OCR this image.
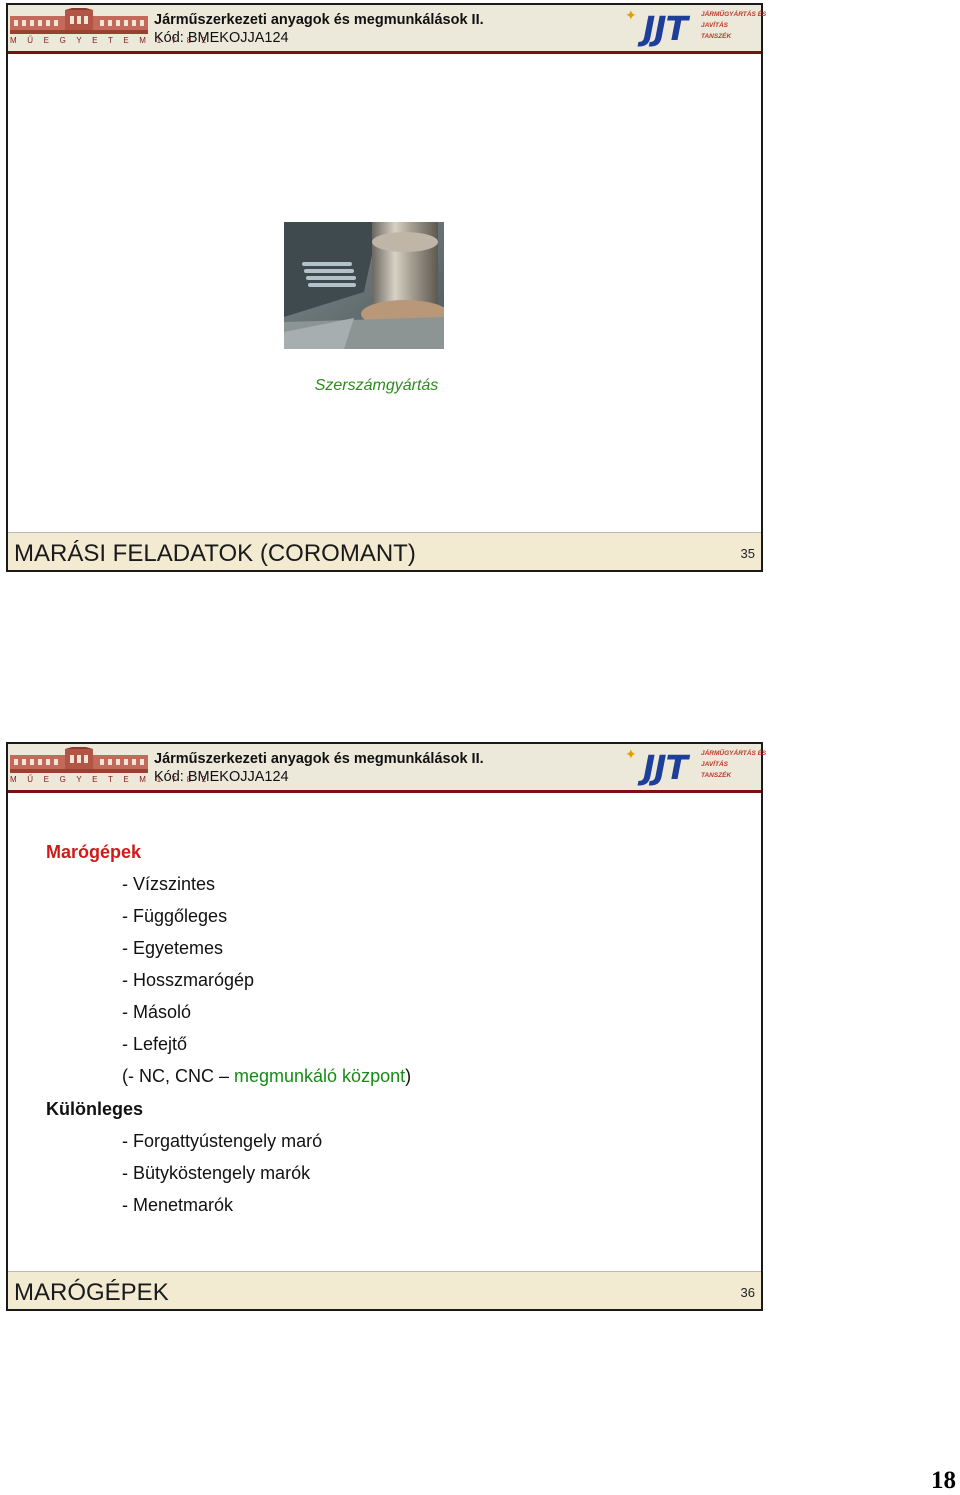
M Ű E G Y E T E M 1 7 8 2
Járműszerkezeti anyagok és megmunkálások II.
Kód: BMEKOJJA124
✦ JJT JÁRMŰGYÁRTÁS ÉS
JAVÍTÁS
TANSZÉK
Szerszámgyártás
MARÁSI FELADATOK (COROMANT)	35
M Ű E G Y E T E M 1 7 8 2
Járműszerkezeti anyagok és megmunkálások II.
Kód: BMEKOJJA124
✦ JJT JÁRMŰGYÁRTÁS ÉS
JAVÍTÁS
TANSZÉK
Marógépek
- Vízszintes
- Függőleges
- Egyetemes
- Hosszmarógép
- Másoló
- Lefejtő
(- NC, CNC – megmunkáló központ)
Különleges
- Forgattyústengely maró
- Bütyköstengely marók
- Menetmarók
MARÓGÉPEK	36
18
